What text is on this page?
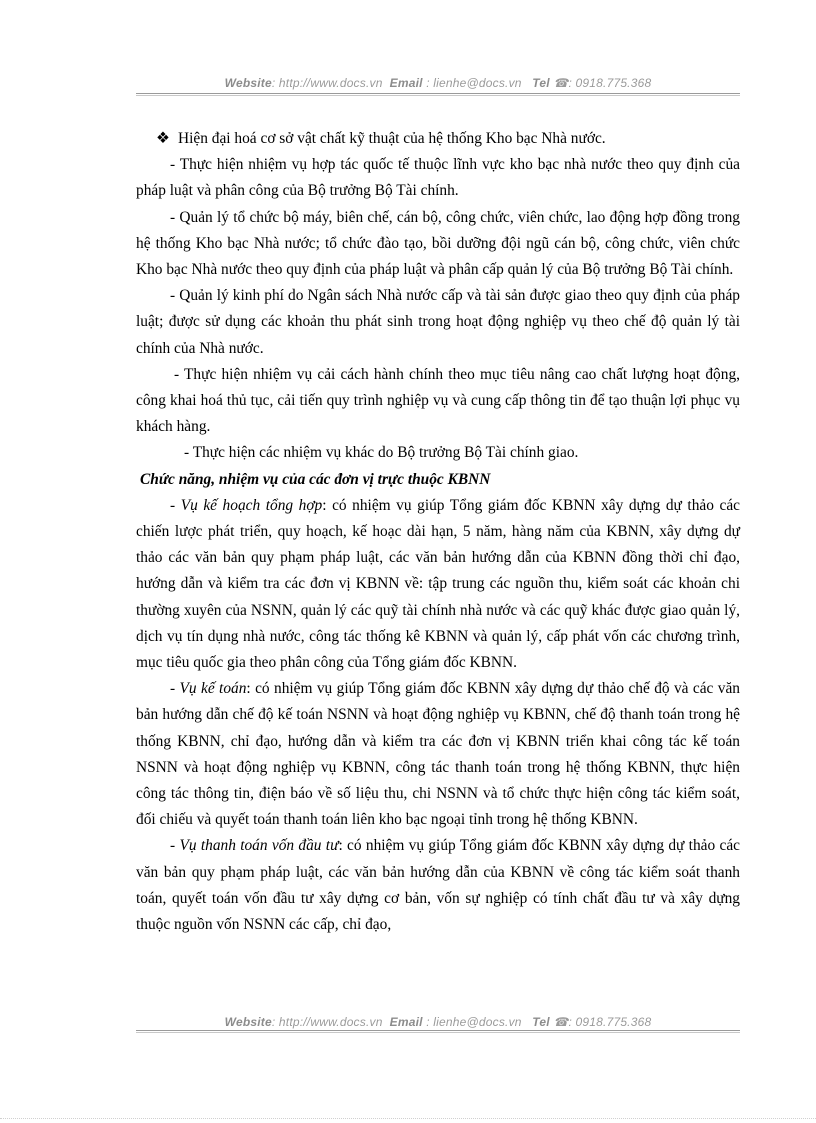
Website: http://www.docs.vn Email : lienhe@docs.vn Tel ☎: 0918.775.368

❖ Hiện đại hoá cơ sở vật chất kỹ thuật của hệ thống Kho bạc Nhà nước.

- Thực hiện nhiệm vụ hợp tác quốc tế thuộc lĩnh vực kho bạc nhà nước theo quy định của pháp luật và phân công của Bộ trưởng Bộ Tài chính.

- Quản lý tổ chức bộ máy, biên chế, cán bộ, công chức, viên chức, lao động hợp đồng trong hệ thống Kho bạc Nhà nước; tổ chức đào tạo, bồi dưỡng đội ngũ cán bộ, công chức, viên chức Kho bạc Nhà nước theo quy định của pháp luật và phân cấp quản lý của Bộ trưởng Bộ Tài chính.

- Quản lý kinh phí do Ngân sách Nhà nước cấp và tài sản được giao theo quy định của pháp luật; được sử dụng các khoản thu phát sinh trong hoạt động nghiệp vụ theo chế độ quản lý tài chính của Nhà nước.

- Thực hiện nhiệm vụ cải cách hành chính theo mục tiêu nâng cao chất lượng hoạt động, công khai hoá thủ tục, cải tiến quy trình nghiệp vụ và cung cấp thông tin để tạo thuận lợi phục vụ khách hàng.

- Thực hiện các nhiệm vụ khác do Bộ trưởng Bộ Tài chính giao.

Chức năng, nhiệm vụ của các đơn vị trực thuộc KBNN

- Vụ kế hoạch tổng hợp: có nhiệm vụ giúp Tổng giám đốc KBNN xây dựng dự thảo các chiến lược phát triển, quy hoạch, kế hoạc dài hạn, 5 năm, hàng năm của KBNN, xây dựng dự thảo các văn bản quy phạm pháp luật, các văn bản hướng dẫn của KBNN đồng thời chỉ đạo, hướng dẫn và kiểm tra các đơn vị KBNN về: tập trung các nguồn thu, kiểm soát các khoản chi thường xuyên của NSNN, quản lý các quỹ tài chính nhà nước và các quỹ khác được giao quản lý, dịch vụ tín dụng nhà nước, công tác thống kê KBNN và quản lý, cấp phát vốn các chương trình, mục tiêu quốc gia theo phân công của Tổng giám đốc KBNN.

- Vụ kế toán: có nhiệm vụ giúp Tổng giám đốc KBNN xây dựng dự thảo chế độ và các văn bản hướng dẫn chế độ kế toán NSNN và hoạt động nghiệp vụ KBNN, chế độ thanh toán trong hệ thống KBNN, chỉ đạo, hướng dẫn và kiểm tra các đơn vị KBNN triển khai công tác kế toán NSNN và hoạt động nghiệp vụ KBNN, công tác thanh toán trong hệ thống KBNN, thực hiện công tác thông tin, điện báo về số liệu thu, chi NSNN và tổ chức thực hiện công tác kiểm soát, đối chiếu và quyết toán thanh toán liên kho bạc ngoại tỉnh trong hệ thống KBNN.

- Vụ thanh toán vốn đầu tư: có nhiệm vụ giúp Tổng giám đốc KBNN xây dựng dự thảo các văn bản quy phạm pháp luật, các văn bản hướng dẫn của KBNN về công tác kiểm soát thanh toán, quyết toán vốn đầu tư xây dựng cơ bản, vốn sự nghiệp có tính chất đầu tư và xây dựng thuộc nguồn vốn NSNN các cấp, chỉ đạo,

Website: http://www.docs.vn Email : lienhe@docs.vn Tel ☎: 0918.775.368
